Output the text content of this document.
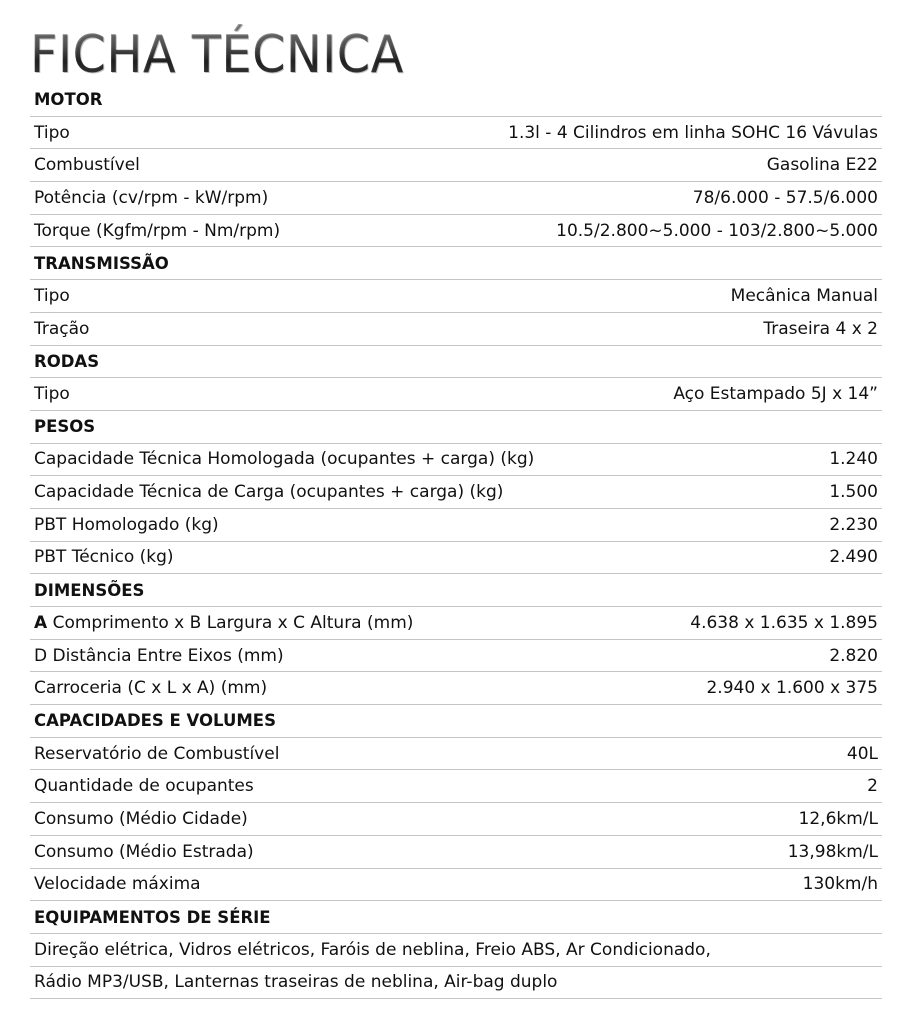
FICHA TÉCNICA
MOTOR
Tipo	1.3l - 4 Cilindros em linha SOHC 16 Vávulas
Combustível	Gasolina E22
Potência (cv/rpm - kW/rpm)	78/6.000 - 57.5/6.000
Torque (Kgfm/rpm - Nm/rpm)	10.5/2.800~5.000 - 103/2.800~5.000
TRANSMISSÃO
Tipo	Mecânica Manual
Tração	Traseira 4 x 2
RODAS
Tipo	Aço Estampado 5J x 14”
PESOS
Capacidade Técnica Homologada (ocupantes + carga) (kg)	1.240
Capacidade Técnica de Carga (ocupantes + carga) (kg)	1.500
PBT Homologado (kg)	2.230
PBT Técnico (kg)	2.490
DIMENSÕES
A Comprimento x B Largura x C Altura (mm)	4.638 x 1.635 x 1.895
D Distância Entre Eixos (mm)	2.820
Carroceria (C x L x A) (mm)	2.940 x 1.600 x 375
CAPACIDADES E VOLUMES
Reservatório de Combustível	40L
Quantidade de ocupantes	2
Consumo (Médio Cidade)	12,6km/L
Consumo (Médio Estrada)	13,98km/L
Velocidade máxima	130km/h
EQUIPAMENTOS DE SÉRIE
Direção elétrica, Vidros elétricos, Faróis de neblina, Freio ABS, Ar Condicionado,
Rádio MP3/USB, Lanternas traseiras de neblina, Air-bag duplo
